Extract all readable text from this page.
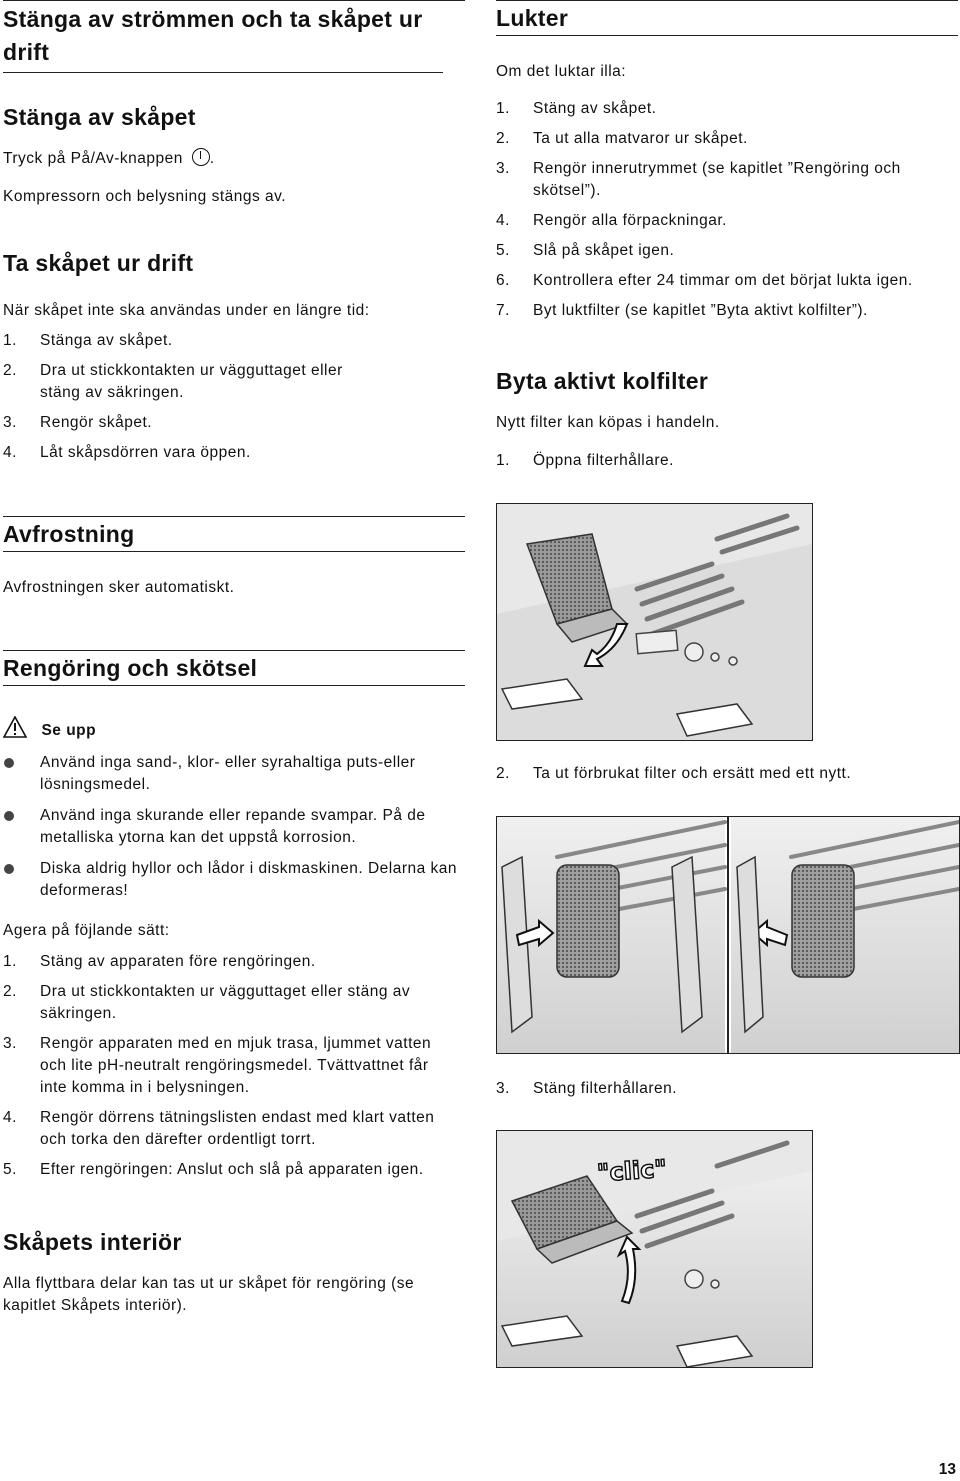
Stänga av strömmen och ta skåpet ur drift
Stänga av skåpet
Tryck på På/Av-knappen .
Kompressorn och belysning stängs av.
Ta skåpet ur drift
När skåpet inte ska användas under en längre tid:
1. Stänga av skåpet.
2. Dra ut stickkontakten ur vägguttaget eller stäng av säkringen.
3. Rengör skåpet.
4. Låt skåpsdörren vara öppen.
Avfrostning
Avfrostningen sker automatiskt.
Rengöring och skötsel
Se upp
Använd inga sand-, klor- eller syrahaltiga puts-eller lösningsmedel.
Använd inga skurande eller repande svampar. På de metalliska ytorna kan det uppstå korrosion.
Diska aldrig hyllor och lådor i diskmaskinen. Delarna kan deformeras!
Agera på föjlande sätt:
1. Stäng av apparaten före rengöringen.
2. Dra ut stickkontakten ur vägguttaget eller stäng av säkringen.
3. Rengör apparaten med en mjuk trasa, ljummet vatten och lite pH-neutralt rengöringsmedel. Tvättvattnet får inte komma in i belysningen.
4. Rengör dörrens tätningslisten endast med klart vatten och torka den därefter ordentligt torrt.
5. Efter rengöringen: Anslut och slå på apparaten igen.
Skåpets interiör
Alla flyttbara delar kan tas ut ur skåpet för rengöring (se kapitlet Skåpets interiör).
Lukter
Om det luktar illa:
1. Stäng av skåpet.
2. Ta ut alla matvaror ur skåpet.
3. Rengör innerutrymmet (se kapitlet ”Rengöring och skötsel”).
4. Rengör alla förpackningar.
5. Slå på skåpet igen.
6. Kontrollera efter 24 timmar om det börjat lukta igen.
7. Byt luktfilter (se kapitlet ”Byta aktivt kolfilter”).
Byta aktivt kolfilter
Nytt filter kan köpas i handeln.
1. Öppna filterhållare.
2. Ta ut förbrukat filter och ersätt med ett nytt.
3. Stäng filterhållaren.
"clic"
13
